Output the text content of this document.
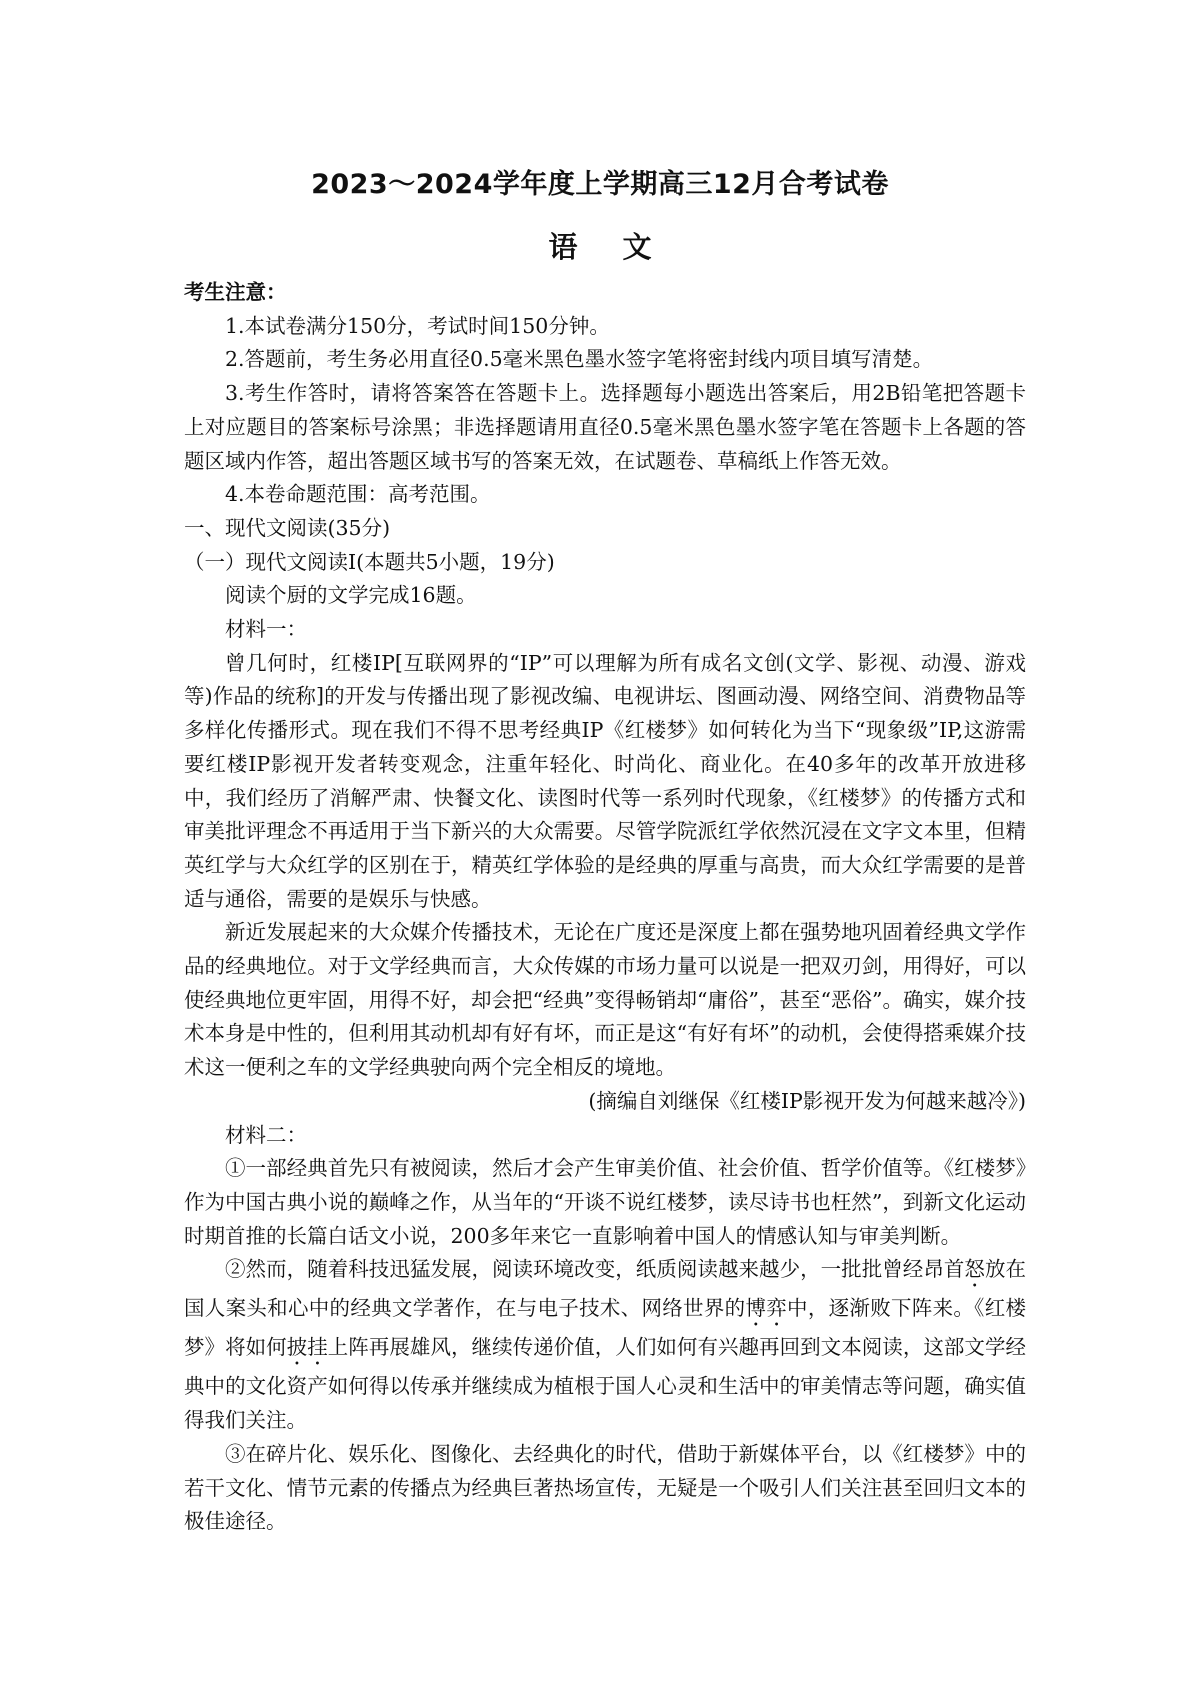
2023～2024学年度上学期高三12月合考试卷
语文

考生注意：

1.本试卷满分150分，考试时间150分钟。

2.答题前，考生务必用直径0.5毫米黑色墨水签字笔将密封线内项目填写清楚。

3.考生作答时，请将答案答在答题卡上。选择题每小题选出答案后，用2B铅笔把答题卡上对应题目的答案标号涂黑；非选择题请用直径0.5毫米黑色墨水签字笔在答题卡上各题的答题区域内作答，超出答题区域书写的答案无效，在试题卷、草稿纸上作答无效。

4.本卷命题范围：高考范围。

一、现代文阅读(35分)

（一）现代文阅读I(本题共5小题，19分)

阅读个厨的文学完成16题。

材料一：

曾几何时，红楼IP[互联网界的“IP”可以理解为所有成名文创(文学、影视、动漫、游戏等)作品的统称]的开发与传播出现了影视改编、电视讲坛、图画动漫、网络空间、消费物品等多样化传播形式。现在我们不得不思考经典IP《红楼梦》如何转化为当下“现象级”IP,这游需要红楼IP影视开发者转变观念，注重年轻化、时尚化、商业化。在40多年的改革开放进移中，我们经历了消解严肃、快餐文化、读图时代等一系列时代现象，《红楼梦》的传播方式和审美批评理念不再适用于当下新兴的大众需要。尽管学院派红学依然沉浸在文字文本里，但精英红学与大众红学的区别在于，精英红学体验的是经典的厚重与高贵，而大众红学需要的是普适与通俗，需要的是娱乐与快感。

新近发展起来的大众媒介传播技术，无论在广度还是深度上都在强势地巩固着经典文学作品的经典地位。对于文学经典而言，大众传媒的市场力量可以说是一把双刃剑，用得好，可以使经典地位更牢固，用得不好，却会把“经典”变得畅销却“庸俗”，甚至“恶俗”。确实，媒介技术本身是中性的，但利用其动机却有好有坏，而正是这“有好有坏”的动机，会使得搭乘媒介技术这一便利之车的文学经典驶向两个完全相反的境地。

(摘编自刘继保《红楼IP影视开发为何越来越冷》)

材料二：

①一部经典首先只有被阅读，然后才会产生审美价值、社会价值、哲学价值等。《红楼梦》作为中国古典小说的巅峰之作，从当年的“开谈不说红楼梦，读尽诗书也枉然”，到新文化运动时期首推的长篇白话文小说，200多年来它一直影响着中国人的情感认知与审美判断。

②然而，随着科技迅猛发展，阅读环境改变，纸质阅读越来越少，一批批曾经昂首怒放在国人案头和心中的经典文学著作，在与电子技术、网络世界的博弈中，逐渐败下阵来。《红楼梦》将如何披挂上阵再展雄风，继续传递价值，人们如何有兴趣再回到文本阅读，这部文学经典中的文化资产如何得以传承并继续成为植根于国人心灵和生活中的审美情志等问题，确实值得我们关注。

③在碎片化、娱乐化、图像化、去经典化的时代，借助于新媒体平台，以《红楼梦》中的若干文化、情节元素的传播点为经典巨著热场宣传，无疑是一个吸引人们关注甚至回归文本的极佳途径。
